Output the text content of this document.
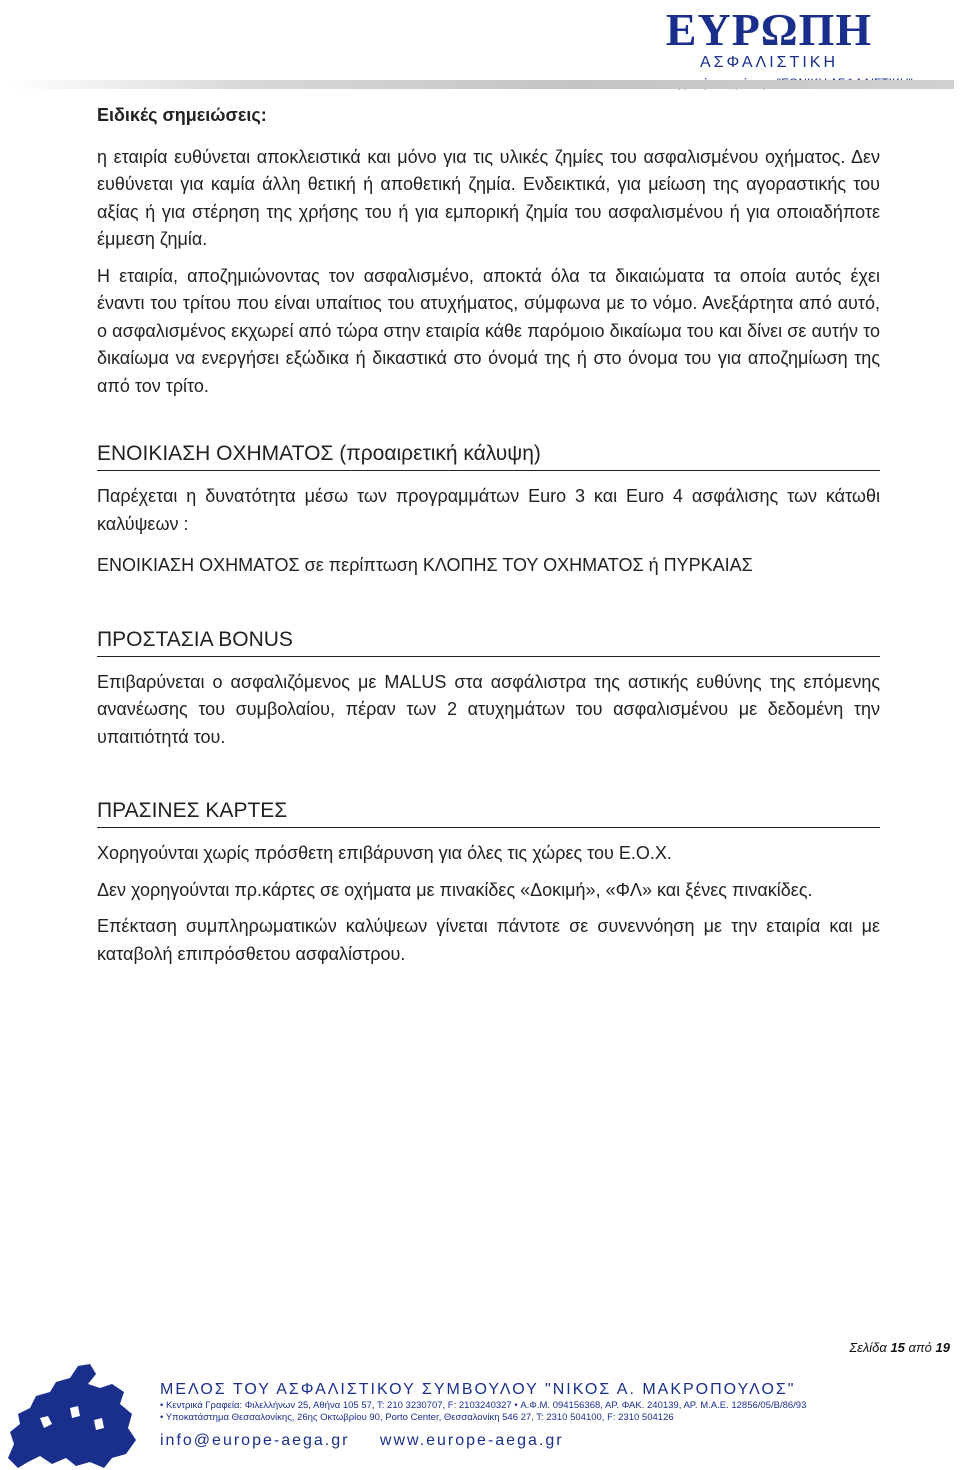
ΕΥΡΩΠΗ
ΑΣΦΑΛΙΣΤΙΚΗ

Ειδικές σημειώσεις:

η εταιρία ευθύνεται αποκλειστικά και μόνο για τις υλικές ζημίες του ασφαλισμένου οχήματος. Δεν ευθύνεται για καμία άλλη θετική ή αποθετική ζημία. Ενδεικτικά, για μείωση της αγοραστικής του αξίας ή για στέρηση της χρήσης του ή για εμπορική ζημία του ασφαλισμένου ή για οποιαδήποτε έμμεση ζημία.

Η εταιρία, αποζημιώνοντας τον ασφαλισμένο, αποκτά όλα τα δικαιώματα τα οποία αυτός έχει έναντι του τρίτου που είναι υπαίτιος του ατυχήματος, σύμφωνα με το νόμο. Ανεξάρτητα από αυτό, ο ασφαλισμένος εκχωρεί από τώρα στην εταιρία κάθε παρόμοιο δικαίωμα του και δίνει σε αυτήν το δικαίωμα να ενεργήσει εξώδικα ή δικαστικά στο όνομά της ή στο όνομα του για αποζημίωση της από τον τρίτο.

ΕΝΟΙΚΙΑΣΗ ΟΧΗΜΑΤΟΣ (προαιρετική κάλυψη)

Παρέχεται η δυνατότητα μέσω των προγραμμάτων Euro 3 και Euro 4 ασφάλισης των κάτωθι καλύψεων :

ΕΝΟΙΚΙΑΣΗ ΟΧΗΜΑΤΟΣ σε περίπτωση ΚΛΟΠΗΣ ΤΟΥ ΟΧΗΜΑΤΟΣ ή ΠΥΡΚΑΙΑΣ

ΠΡΟΣΤΑΣΙΑ BONUS

Επιβαρύνεται ο ασφαλιζόμενος με MALUS στα ασφάλιστρα της αστικής ευθύνης της επόμενης ανανέωσης του συμβολαίου, πέραν των 2 ατυχημάτων του ασφαλισμένου με δεδομένη την υπαιτιότητά του.

ΠΡΑΣΙΝΕΣ ΚΑΡΤΕΣ

Χορηγούνται χωρίς πρόσθετη επιβάρυνση για όλες τις χώρες του Ε.Ο.Χ.

Δεν χορηγούνται πρ.κάρτες σε οχήματα με πινακίδες «Δοκιμή», «ΦΛ» και ξένες πινακίδες.

Επέκταση συμπληρωματικών καλύψεων γίνεται πάντοτε σε συνεννόηση με την εταιρία και με καταβολή επιπρόσθετου ασφαλίστρου.

Σελίδα 15 από 19
ΜΕΛΟΣ ΤΟΥ ΑΣΦΑΛΙΣΤΙΚΟΥ ΣΥΜΒΟΥΛΟΥ "ΝΙΚΟΣ Α. ΜΑΚΡΟΠΟΥΛΟΣ"
• Κεντρικά Γραφεία: Φιλελλήνων 25, Αθήνα 105 57, Τ: 210 3230707, F: 2103240327 • Α.Φ.Μ. 094156368, ΑΡ. ΦΑΚ. 240139, ΑΡ. Μ.Α.Ε. 12856/05/Β/86/93
• Υποκατάστημα Θεσσαλονίκης, 26ης Οκτωβρίου 90, Porto Center, Θεσσαλονίκη 546 27, Τ: 2310 504100, F: 2310 504126
info@europe-aega.gr www.europe-aega.gr
